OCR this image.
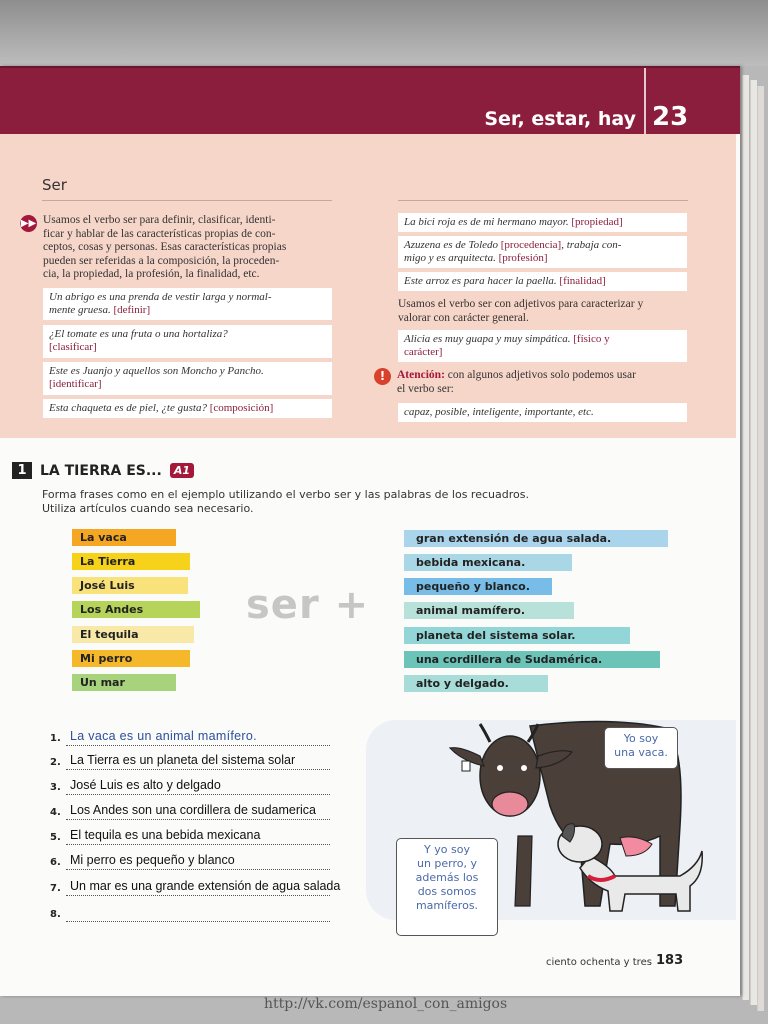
Ser, estar, hay 23
Ser
▶▶ Usamos el verbo ser para definir, clasificar, identi-
ficar y hablar de las características propias de con-
ceptos, cosas y personas. Esas características propias
pueden ser referidas a la composición, la proceden-
cia, la propiedad, la profesión, la finalidad, etc.
Un abrigo es una prenda de vestir larga y normal-
mente gruesa. [definir]
¿El tomate es una fruta o una hortaliza?
[clasificar]
Este es Juanjo y aquellos son Moncho y Pancho.
[identificar]
Esta chaqueta es de piel, ¿te gusta? [composición]
La bici roja es de mi hermano mayor. [propiedad]
Azuzena es de Toledo [procedencia], trabaja con-
migo y es arquitecta. [profesión]
Este arroz es para hacer la paella. [finalidad]
Usamos el verbo ser con adjetivos para caracterizar y
valorar con carácter general.
Alicia es muy guapa y muy simpática. [físico y
carácter]
!	Atención: con algunos adjetivos solo podemos usar
el verbo ser:
capaz, posible, inteligente, importante, etc.
1 LA TIERRA ES...	A1
Forma frases como en el ejemplo utilizando el verbo ser y las palabras de los recuadros.
Utiliza artículos cuando sea necesario.
La vaca
La Tierra
José Luis
Los Andes
El tequila
Mi perro
Un mar
ser +
gran extensión de agua salada.
bebida mexicana.
pequeño y blanco.
animal mamífero.
planeta del sistema solar.
una cordillera de Sudamérica.
alto y delgado.
1. La vaca es un animal mamífero.
2. La Tierra es un planeta del sistema solar
3. José Luis es alto y delgado
4. Los Andes son una cordillera de sudamerica
5. El tequila es una bebida mexicana
6. Mi perro es pequeño y blanco
7. Un mar es una grande extensión de agua salada
8.
Yo soy
una vaca.
Y yo soy
un perro, y
además los
dos somos
mamíferos.
ciento ochenta y tres 183
http://vk.com/espanol_con_amigos
